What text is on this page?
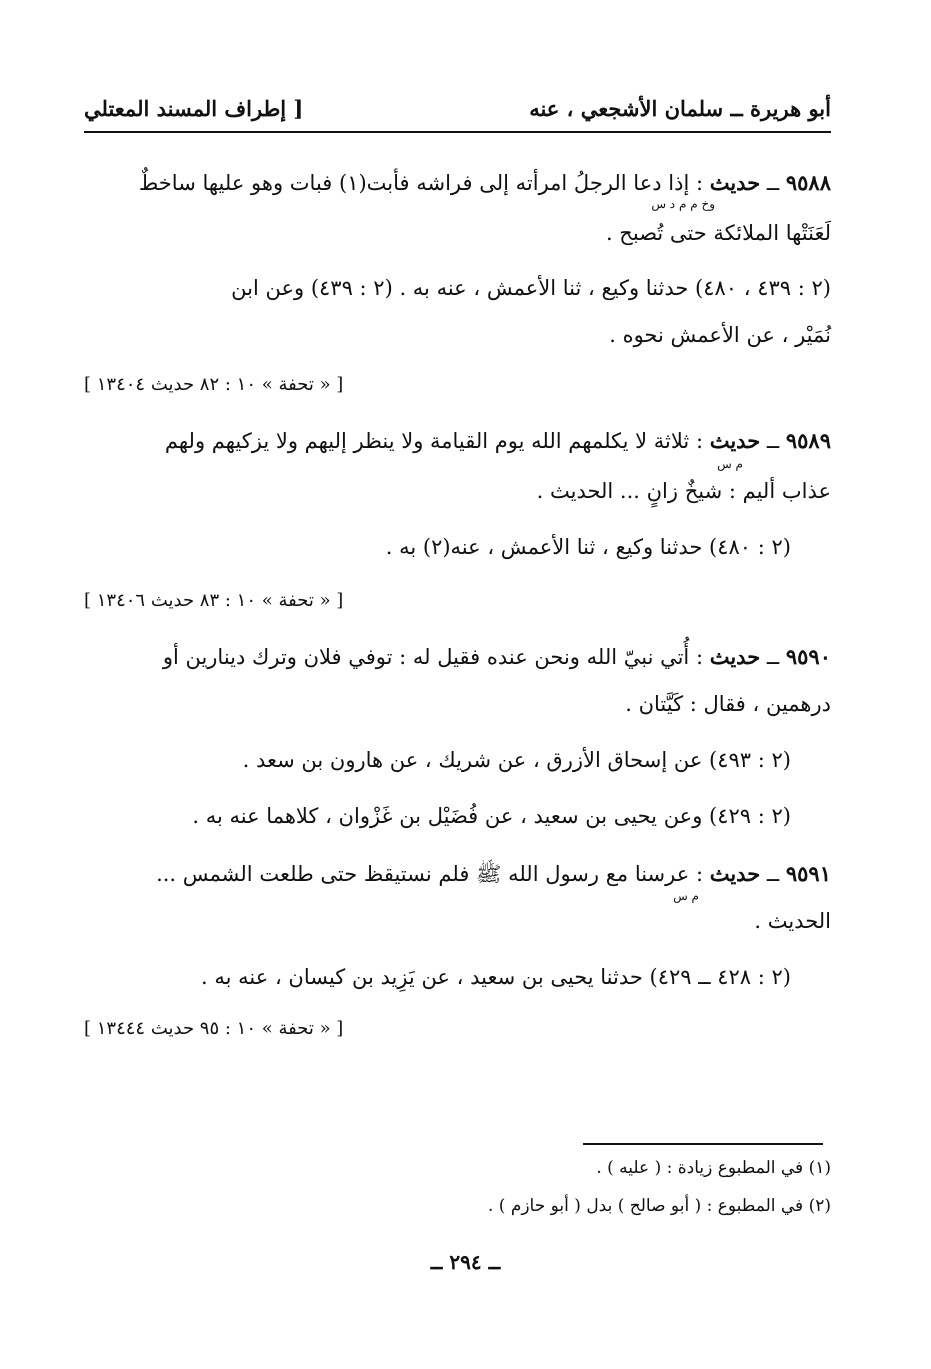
أبو هريرة ــ سلمان الأشجعي ، عنه
[ إطراف المسند المعتلي
٩٥٨٨ ــ حديث : إذا دعا الرجلُ امرأته إلى فراشه فأبت(١) فبات وهو عليها ساخطٌ
وخ م م د س
لَعَنَتْها الملائكة حتى تُصبح .
(٢ : ٤٣٩ ، ٤٨٠) حدثنا وكيع ، ثنا الأعمش ، عنه به . (٢ : ٤٣٩) وعن ابن
نُمَيْر ، عن الأعمش نحوه .
[ « تحفة » ١٠ : ٨٢ حديث ١٣٤٠٤ ]
٩٥٨٩ ــ حديث : ثلاثة لا يكلمهم الله يوم القيامة ولا ينظر إليهم ولا يزكيهم ولهم
م س
عذاب أليم : شيخٌ زانٍ ... الحديث .
(٢ : ٤٨٠) حدثنا وكيع ، ثنا الأعمش ، عنه(٢) به .
[ « تحفة » ١٠ : ٨٣ حديث ١٣٤٠٦ ]
٩٥٩٠ ــ حديث : أُتي نبيّ الله ونحن عنده فقيل له : توفي فلان وترك دينارين أو
درهمين ، فقال : كَيَّتان .
(٢ : ٤٩٣) عن إسحاق الأزرق ، عن شريك ، عن هارون بن سعد .
(٢ : ٤٢٩) وعن يحيى بن سعيد ، عن فُضَيْل بن غَزْوان ، كلاهما عنه به .
٩٥٩١ ــ حديث : عرسنا مع رسول الله ﷺ فلم نستيقظ حتى طلعت الشمس ...
م س
الحديث .
(٢ : ٤٢٨ ــ ٤٢٩) حدثنا يحيى بن سعيد ، عن يَزِيد بن كيسان ، عنه به .
[ « تحفة » ١٠ : ٩٥ حديث ١٣٤٤٤ ]
(١) في المطبوع زيادة : ( عليه ) .
(٢) في المطبوع : ( أبو صالح ) بدل ( أبو حازم ) .
ــ ٢٩٤ ــ
